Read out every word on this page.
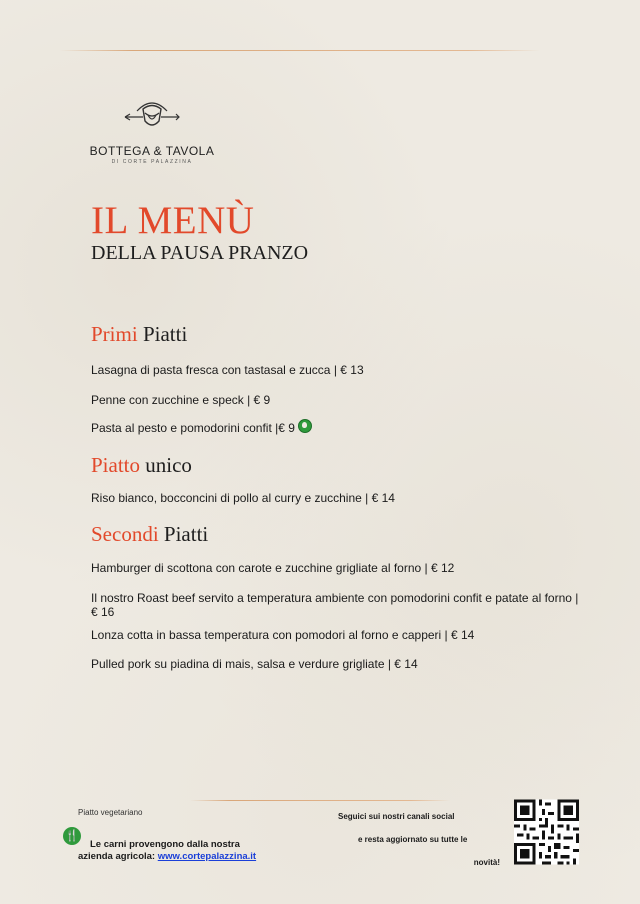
BOTTEGA & TAVOLA
DI CORTE PALAZZINA
IL MENÙ
DELLA PAUSA PRANZO
Primi Piatti
Lasagna di pasta fresca con tastasal e zucca | € 13
Penne con zucchine e speck | € 9
Pasta al pesto e pomodorini confit |€ 9
Piatto unico
Riso bianco, bocconcini di pollo al curry e zucchine | € 14
Secondi Piatti
Hamburger di scottona con carote e zucchine grigliate al forno | € 12
Il nostro Roast beef servito a temperatura ambiente con pomodorini confit e patate al forno | € 16
Lonza cotta in bassa temperatura con pomodori al forno e capperi | € 14
Pulled pork su piadina di mais, salsa e verdure grigliate | € 14
Piatto vegetariano
🍴
Le carni provengono dalla nostra
azienda agricola: www.cortepalazzina.it
Seguici sui nostri canali social
e resta aggiornato su tutte le
novità!
